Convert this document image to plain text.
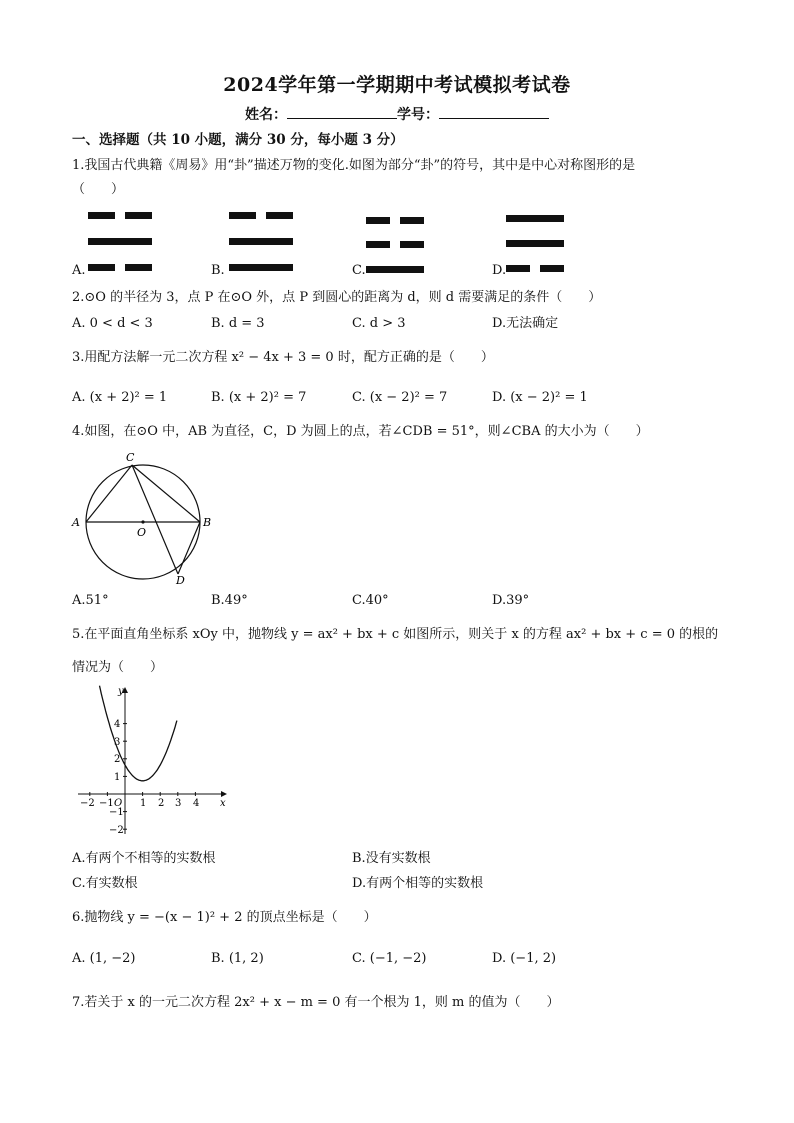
2024学年第一学期期中考试模拟考试卷
姓名：	学号：
一、选择题（共 10 小题，满分 30 分，每小题 3 分）
1.我国古代典籍《周易》用“卦”描述万物的变化.如图为部分“卦”的符号，其中是中心对称图形的是
（　　）
A.	B.	C.	D.
2.⊙O 的半径为 3，点 P 在⊙O 外，点 P 到圆心的距离为 d，则 d 需要满足的条件（　　）
A. 0 < d < 3	B. d = 3	C. d > 3	D.无法确定
3.用配方法解一元二次方程 x² − 4x + 3 = 0 时，配方正确的是（　　）
A. (x + 2)² = 1	B. (x + 2)² = 7	C. (x − 2)² = 7	D. (x − 2)² = 1
4.如图，在⊙O 中，AB 为直径，C，D 为圆上的点，若∠CDB = 51°，则∠CBA 的大小为（　　）
A	B
C
D
O
A.51°	B.49°	C.40°	D.39°
5.在平面直角坐标系 xOy 中，抛物线 y = ax² + bx + c 如图所示，则关于 x 的方程 ax² + bx + c = 0 的根的
情况为（　　）
−2 −1	1 2 3 4
4
3
2
1
−1
−2
O	x
y
A.有两个不相等的实数根	B.没有实数根
C.有实数根	D.有两个相等的实数根
6.抛物线 y = −(x − 1)² + 2 的顶点坐标是（　　）
A. (1, −2)	B. (1, 2)	C. (−1, −2)	D. (−1, 2)
7.若关于 x 的一元二次方程 2x² + x − m = 0 有一个根为 1，则 m 的值为（　　）
